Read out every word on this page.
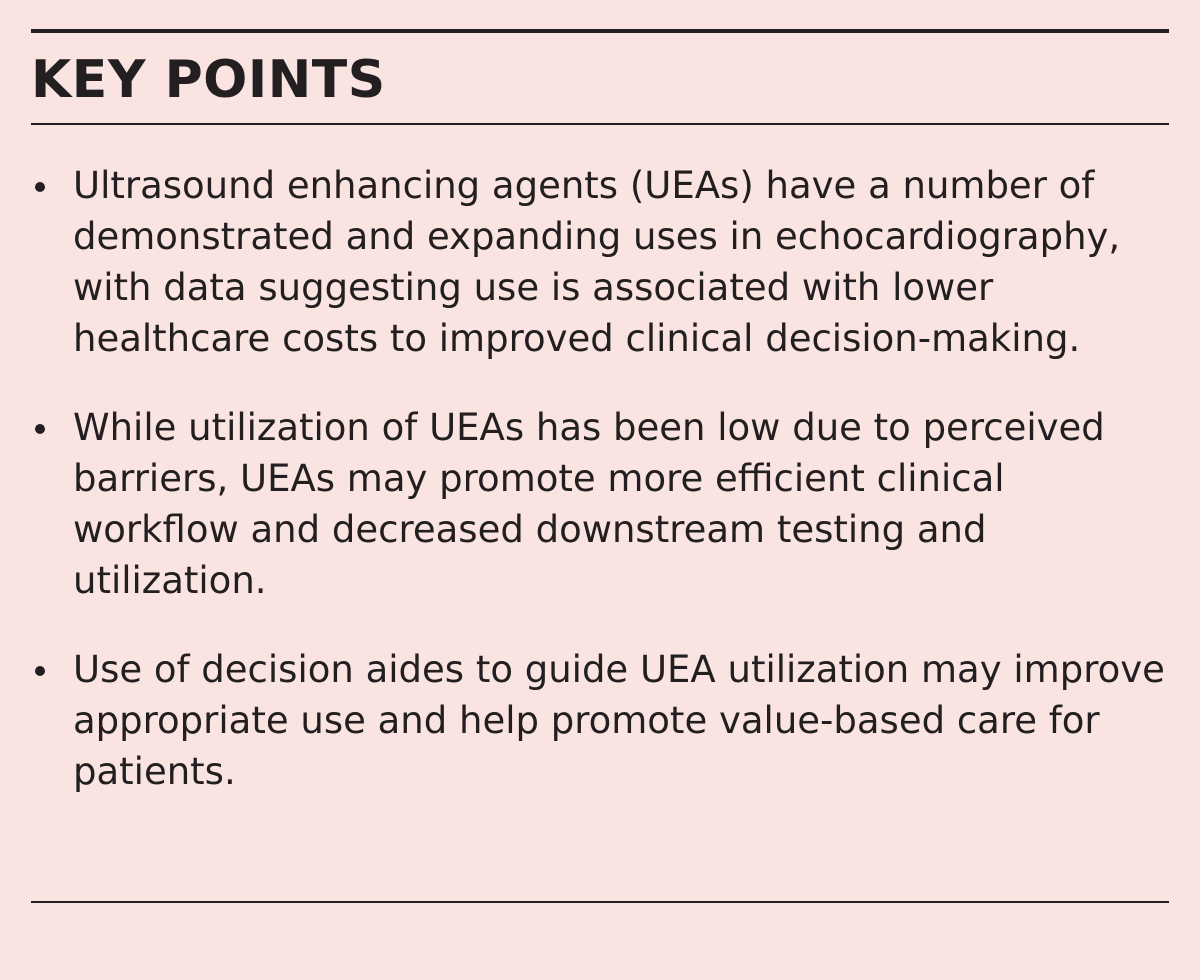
KEY POINTS
Ultrasound enhancing agents (UEAs) have a number of demonstrated and expanding uses in echocardiography, with data suggesting use is associated with lower healthcare costs to improved clinical decision-making.
While utilization of UEAs has been low due to perceived barriers, UEAs may promote more efficient clinical workflow and decreased downstream testing and utilization.
Use of decision aides to guide UEA utilization may improve appropriate use and help promote value-based care for patients.
